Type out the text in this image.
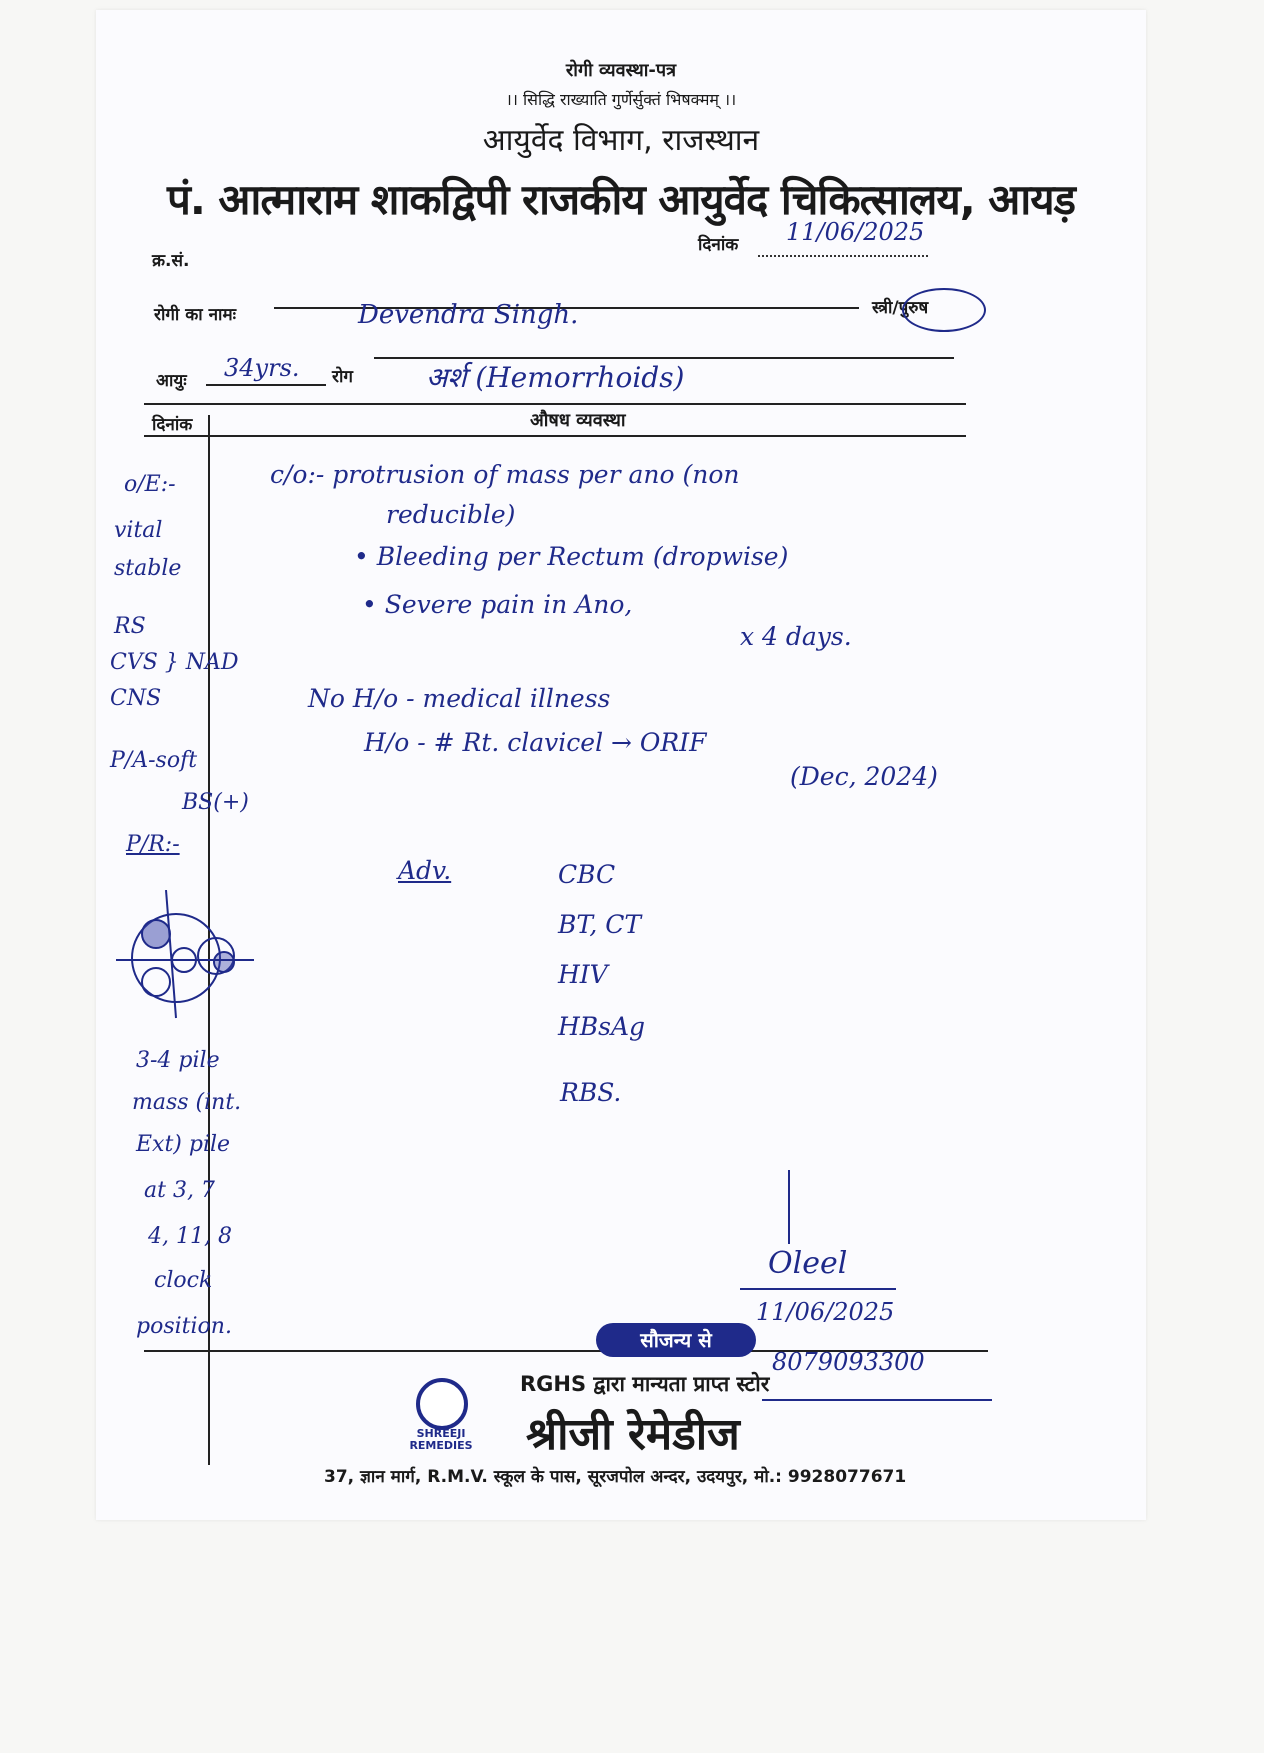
रोगी व्यवस्था-पत्र
।। सिद्धि राख्याति गुर्णेर्सुक्तं भिषक्मम् ।।
आयुर्वेद विभाग, राजस्थान
पं. आत्माराम शाकद्विपी राजकीय आयुर्वेद चिकित्सालय, आयड़
क्र.सं.
दिनांक 11/06/2025
रोगी का नामः	Devendra Singh.	स्त्री/पुरुष
आयुः 34yrs. रोग	अर्श (Hemorrhoids)
दिनांक	औषध व्यवस्था
o/E:-
vital
stable
RS
CVS } NAD
CNS
P/A-soft
BS(+)
P/R:-
3-4 pile
mass (int.
Ext) pile
at 3, 7
4, 11, 8
clock
position.
c/o:- protrusion of mass per ano (non
reducible)
• Bleeding per Rectum (dropwise)
• Severe pain in Ano,
x 4 days.
No H/o - medical illness
H/o - # Rt. clavicel → ORIF
(Dec, 2024)
Adv.	CBC
BT, CT
HIV
HBsAg
RBS.
Oleel
11/06/2025
सौजन्य से
RGHS द्वारा मान्यता प्राप्त स्टोर
8079093300
SHREEJI REMEDIES	श्रीजी रेमेडीज
37, ज्ञान मार्ग, R.M.V. स्कूल के पास, सूरजपोल अन्दर, उदयपुर, मो.: 9928077671
